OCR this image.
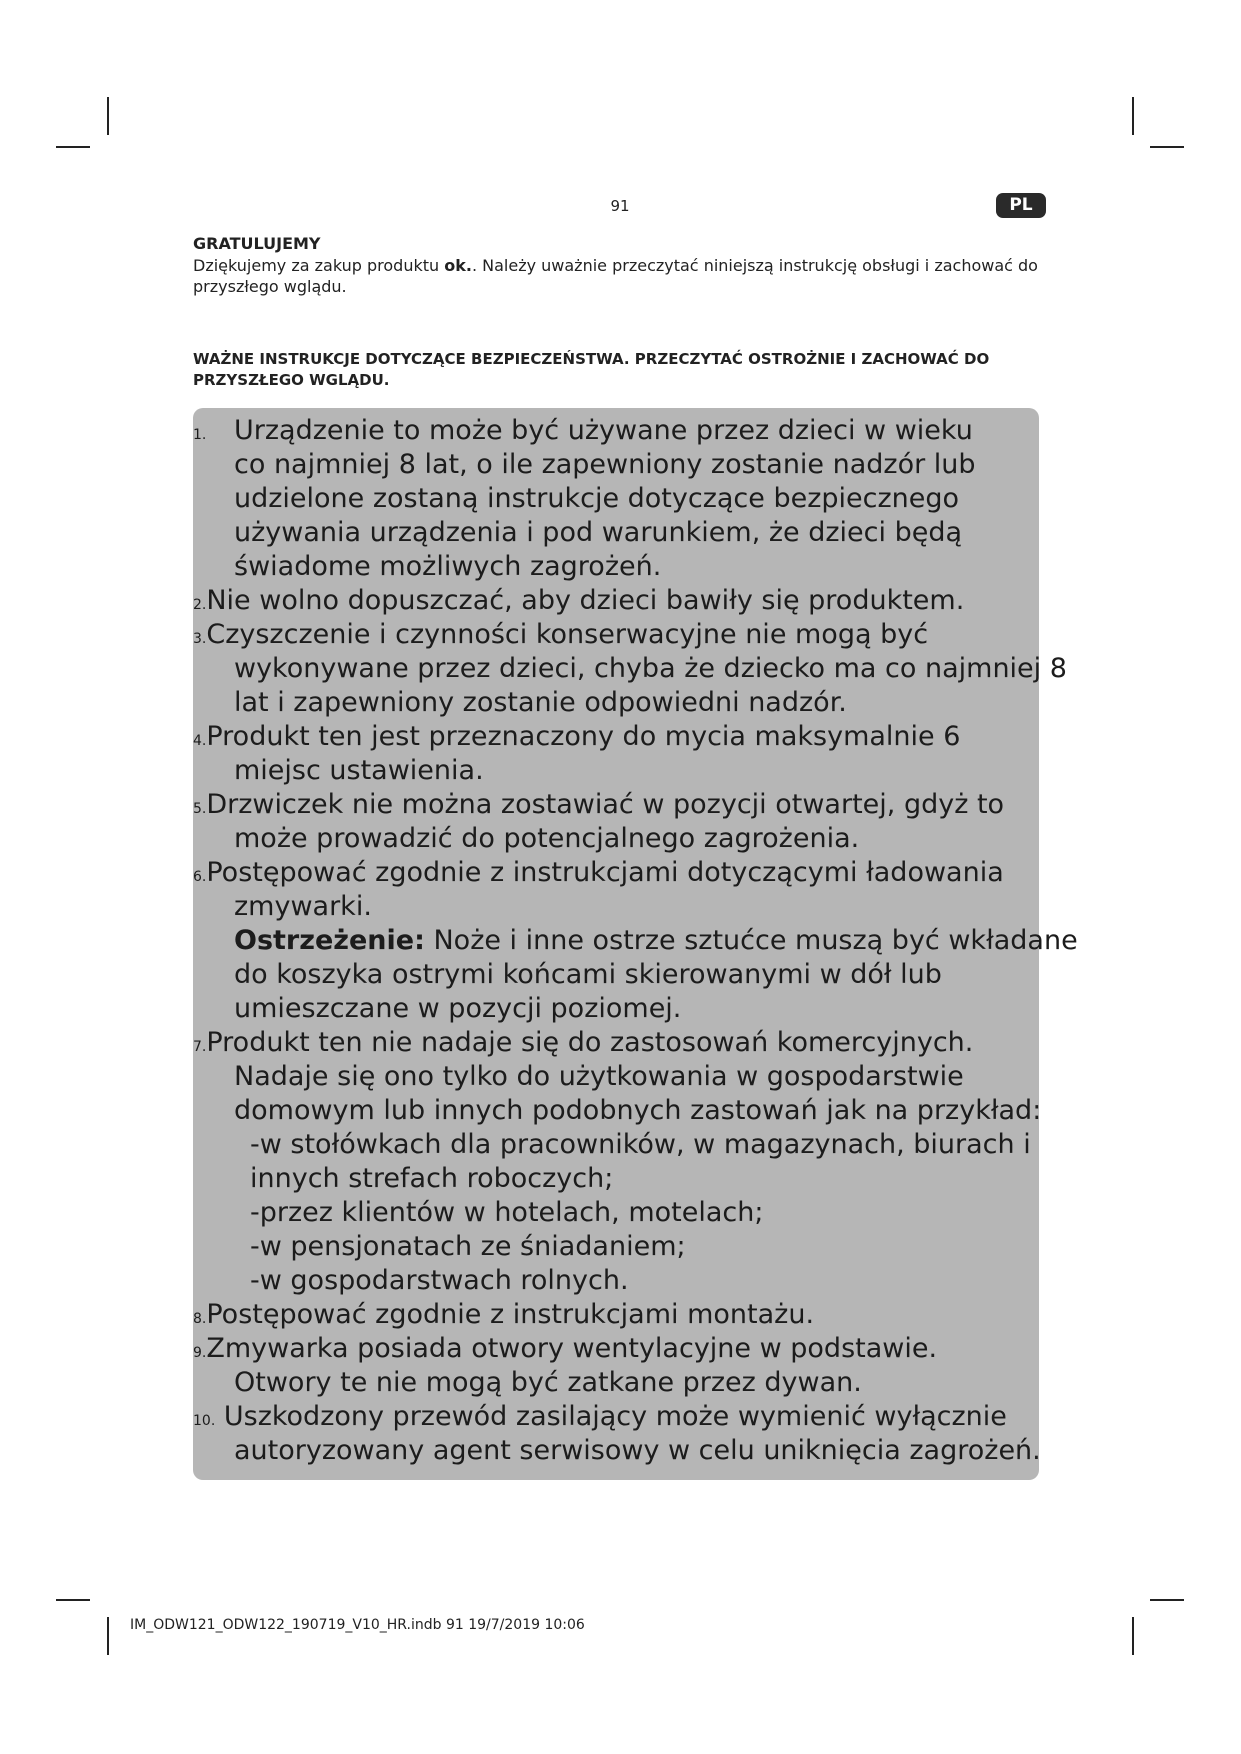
91	PL
GRATULUJEMY
Dziękujemy za zakup produktu ok.. Należy uważnie przeczytać niniejszą instrukcję obsługi i zachować do przyszłego wglądu.
WAŻNE INSTRUKCJE DOTYCZĄCE BEZPIECZEŃSTWA. PRZECZYTAĆ OSTROŻNIE I ZACHOWAĆ DO PRZYSZŁEGO WGLĄDU.
1. Urządzenie to może być używane przez dzieci w wieku
co najmniej 8 lat, o ile zapewniony zostanie nadzór lub
udzielone zostaną instrukcje dotyczące bezpiecznego
używania urządzenia i pod warunkiem, że dzieci będą
świadome możliwych zagrożeń.
2.Nie wolno dopuszczać, aby dzieci bawiły się produktem.
3.Czyszczenie i czynności konserwacyjne nie mogą być
wykonywane przez dzieci, chyba że dziecko ma co najmniej 8
lat i zapewniony zostanie odpowiedni nadzór.
4.Produkt ten jest przeznaczony do mycia maksymalnie 6
miejsc ustawienia.
5.Drzwiczek nie można zostawiać w pozycji otwartej, gdyż to
może prowadzić do potencjalnego zagrożenia.
6.Postępować zgodnie z instrukcjami dotyczącymi ładowania
zmywarki.
Ostrzeżenie: Noże i inne ostrze sztućce muszą być wkładane
do koszyka ostrymi końcami skierowanymi w dół lub
umieszczane w pozycji poziomej.
7.Produkt ten nie nadaje się do zastosowań komercyjnych.
Nadaje się ono tylko do użytkowania w gospodarstwie
domowym lub innych podobnych zastowań jak na przykład:
-w stołówkach dla pracowników, w magazynach, biurach i
innych strefach roboczych;
-przez klientów w hotelach, motelach;
-w pensjonatach ze śniadaniem;
-w gospodarstwach rolnych.
8.Postępować zgodnie z instrukcjami montażu.
9.Zmywarka posiada otwory wentylacyjne w podstawie.
Otwory te nie mogą być zatkane przez dywan.
10. Uszkodzony przewód zasilający może wymienić wyłącznie
autoryzowany agent serwisowy w celu uniknięcia zagrożeń.
IM_ODW121_ODW122_190719_V10_HR.indb 91 19/7/2019 10:06
